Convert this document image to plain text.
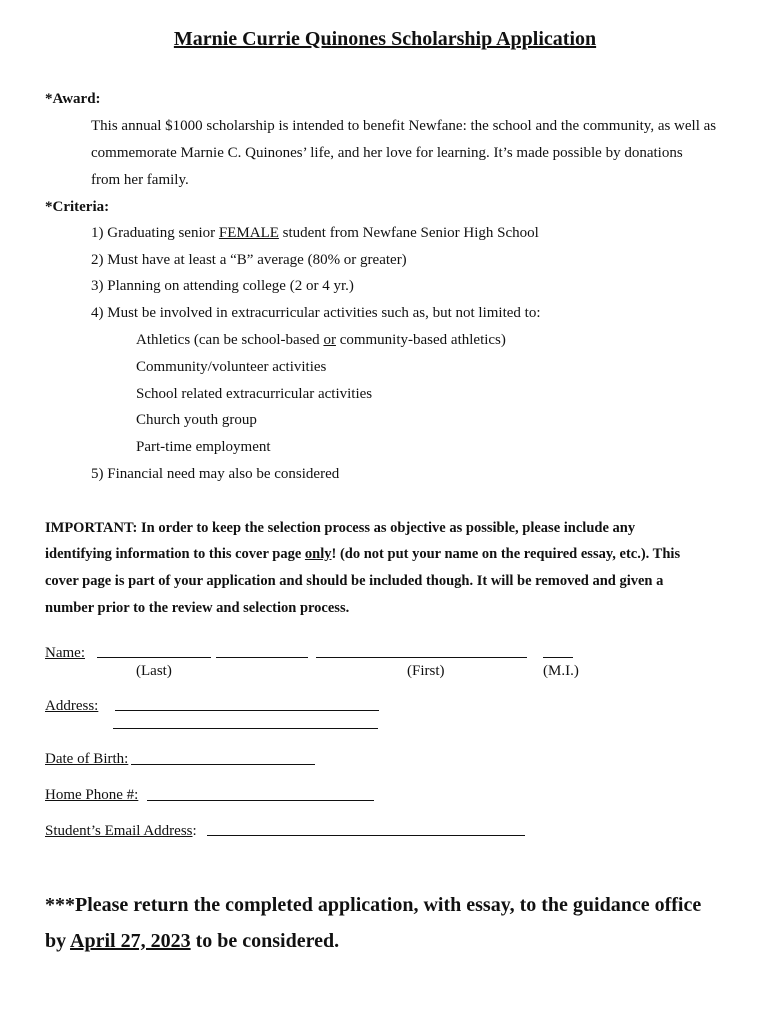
Marnie Currie Quinones Scholarship Application
*Award:
This annual $1000 scholarship is intended to benefit Newfane: the school and the community, as well as
commemorate Marnie C. Quinones’ life, and her love for learning. It’s made possible by donations
from her family.
*Criteria:
1) Graduating senior FEMALE student from Newfane Senior High School
2) Must have at least a “B” average (80% or greater)
3) Planning on attending college (2 or 4 yr.)
4) Must be involved in extracurricular activities such as, but not limited to:
Athletics (can be school-based or community-based athletics)
Community/volunteer activities
School related extracurricular activities
Church youth group
Part-time employment
5) Financial need may also be considered
IMPORTANT: In order to keep the selection process as objective as possible, please include any
identifying information to this cover page only! (do not put your name on the required essay, etc.). This
cover page is part of your application and should be included though. It will be removed and given a
number prior to the review and selection process.
Name:
(Last)	(First)	(M.I.)
Address:
Date of Birth:
Home Phone #:
Student’s Email Address:
***Please return the completed application, with essay, to the guidance office
by April 27, 2023 to be considered.
